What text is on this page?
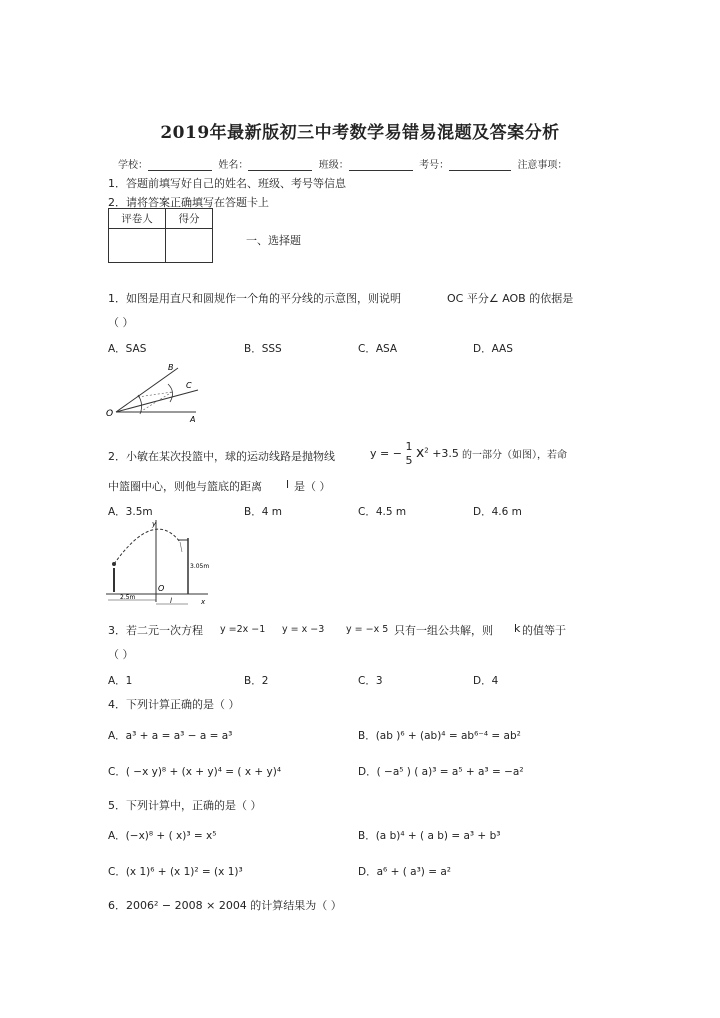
2019年最新版初三中考数学易错易混题及答案分析
学校：	姓名：	班级：	考号：	注意事项：
1．答题前填写好自己的姓名、班级、考号等信息
2．请将答案正确填写在答题卡上
评卷人	得分

一、选择题
1．如图是用直尺和圆规作一个角的平分线的示意图，则说明	OC 平分∠ AOB 的依据是
（ ）
A．SAS	B．SSS	C．ASA	D．AAS
O
A
B
C
2．小敏在某次投篮中，球的运动线路是抛物线	y = −
1
5 $x^2 +3.5$ 的一部分（如图），若命
中篮圈中心，则他与篮底的距离 l 是（ ）
A．3.5m	B．4 m	C．4.5 m	D．4.6 m
y
O
x
3.05m
2.5m	l
3．若二元一次方程 y =2x −1 y = x −3 y = −x 5 只有一组公共解，则 k 的值等于
（ ）
A．1	B．2	C．3	D．4
4．下列计算正确的是（ ）
A．a³ + a = a³ − a = a³	B．(ab )⁶ + (ab)⁴ = ab⁶⁻⁴ = ab²
C．( −x y)⁸ + (x + y)⁴ = ( x + y)⁴	D．( −a⁵ ) ( a)³ = a⁵ + a³ = −a²
5．下列计算中，正确的是（ ）
A．(−x)⁸ + ( x)³ = x⁵	B．(a b)⁴ + ( a b) = a³ + b³
C．(x 1)⁶ + (x 1)² = (x 1)³	D．a⁶ + ( a³) = a²
6．2006² − 2008 × 2004 的计算结果为（ ）
